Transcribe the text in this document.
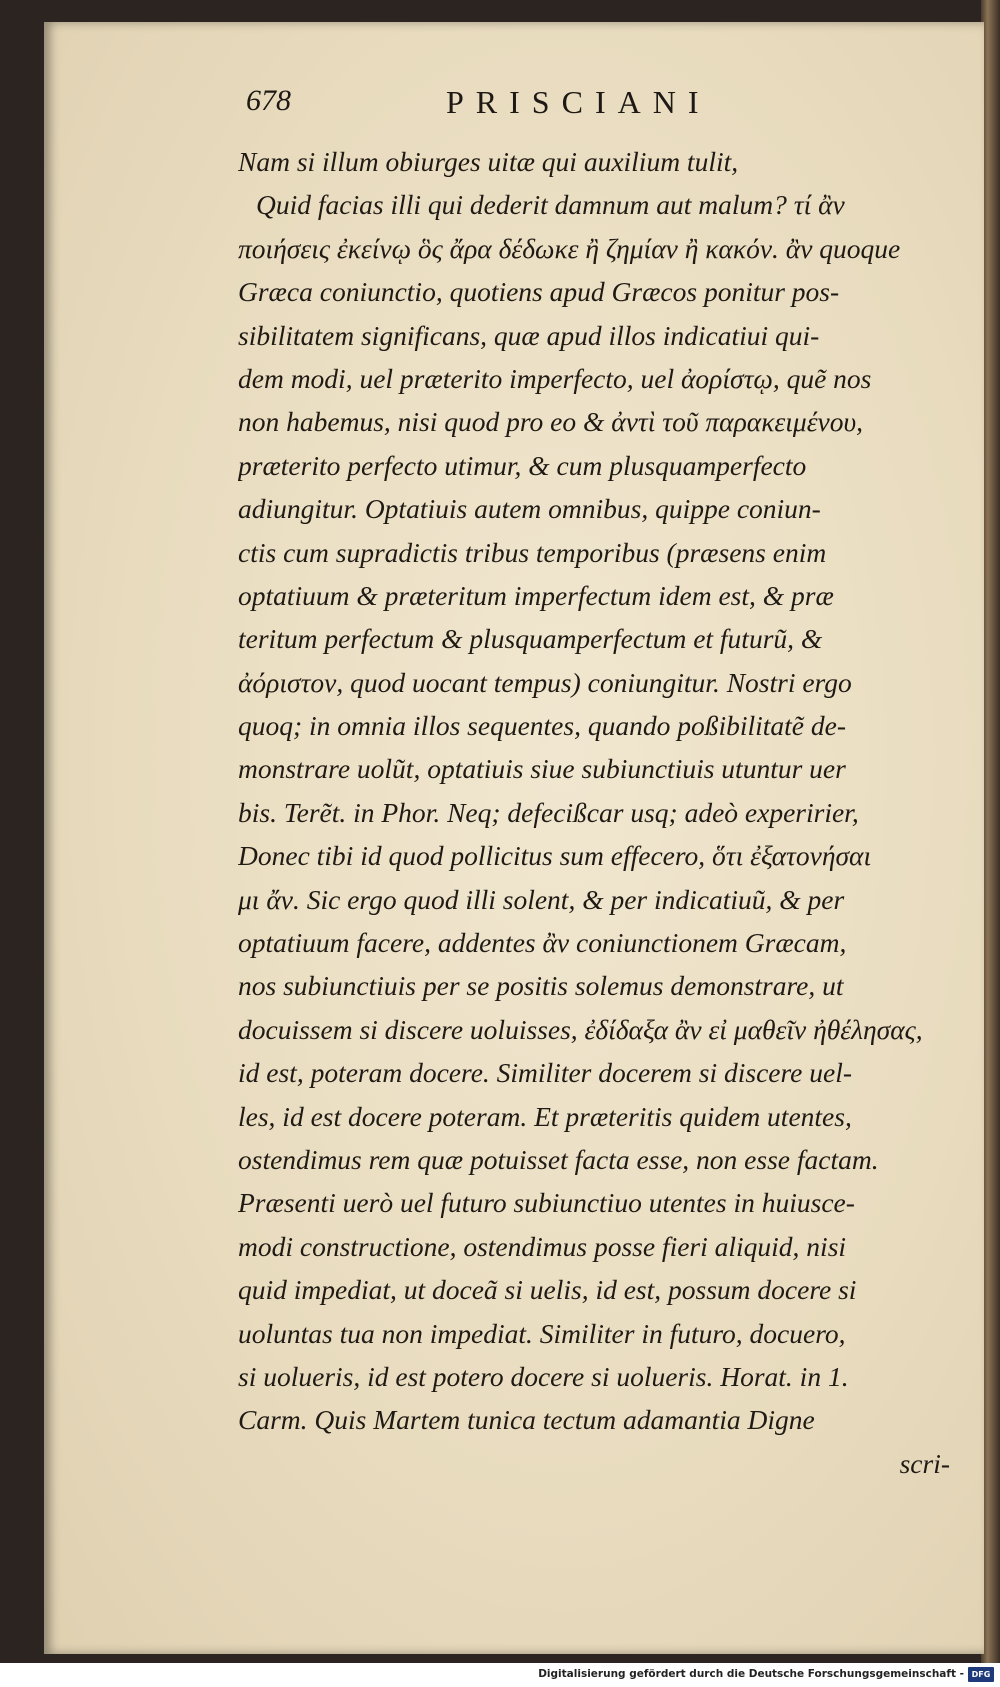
678	PRISCIANI
Nam si illum obiurges uitæ qui auxilium tulit,
Quid facias illi qui dederit damnum aut malum? τί ἂν
ποιήσεις ἐκείνῳ ὃς ἄρα δέδωκε ἢ ζημίαν ἢ κακόν. ἂν quoque
Græca coniunctio, quotiens apud Græcos ponitur pos-
sibilitatem significans, quæ apud illos indicatiui qui-
dem modi, uel præterito imperfecto, uel ἀορίστῳ, quẽ nos
non habemus, nisi quod pro eo & ἀντὶ τοῦ παρακειμένου,
præterito perfecto utimur, & cum plusquamperfecto
adiungitur. Optatiuis autem omnibus, quippe coniun-
ctis cum supradictis tribus temporibus (præsens enim
optatiuum & præteritum imperfectum idem est, & præ
teritum perfectum & plusquamperfectum et futurũ, &
ἀόριστον, quod uocant tempus) coniungitur. Nostri ergo
quoq; in omnia illos sequentes, quando poßibilitatẽ de-
monstrare uolũt, optatiuis siue subiunctiuis utuntur uer
bis. Terẽt. in Phor. Neq; defecißcar usq; adeò experirier,
Donec tibi id quod pollicitus sum effecero, ὅτι ἐξατονήσαι
μι ἄν. Sic ergo quod illi solent, & per indicatiuũ, & per
optatiuum facere, addentes ἂν coniunctionem Græcam,
nos subiunctiuis per se positis solemus demonstrare, ut
docuissem si discere uoluisses, ἐδίδαξα ἂν εἰ μαθεῖν ἠθέλησας,
id est, poteram docere. Similiter docerem si discere uel-
les, id est docere poteram. Et præteritis quidem utentes,
ostendimus rem quæ potuisset facta esse, non esse factam.
Præsenti uerò uel futuro subiunctiuo utentes in huiusce-
modi constructione, ostendimus posse fieri aliquid, nisi
quid impediat, ut doceã si uelis, id est, possum docere si
uoluntas tua non impediat. Similiter in futuro, docuero,
si uolueris, id est potero docere si uolueris. Horat. in 1.
Carm. Quis Martem tunica tectum adamantia Digne
scri-
Digitalisierung gefördert durch die Deutsche Forschungsgemeinschaft - DFG
